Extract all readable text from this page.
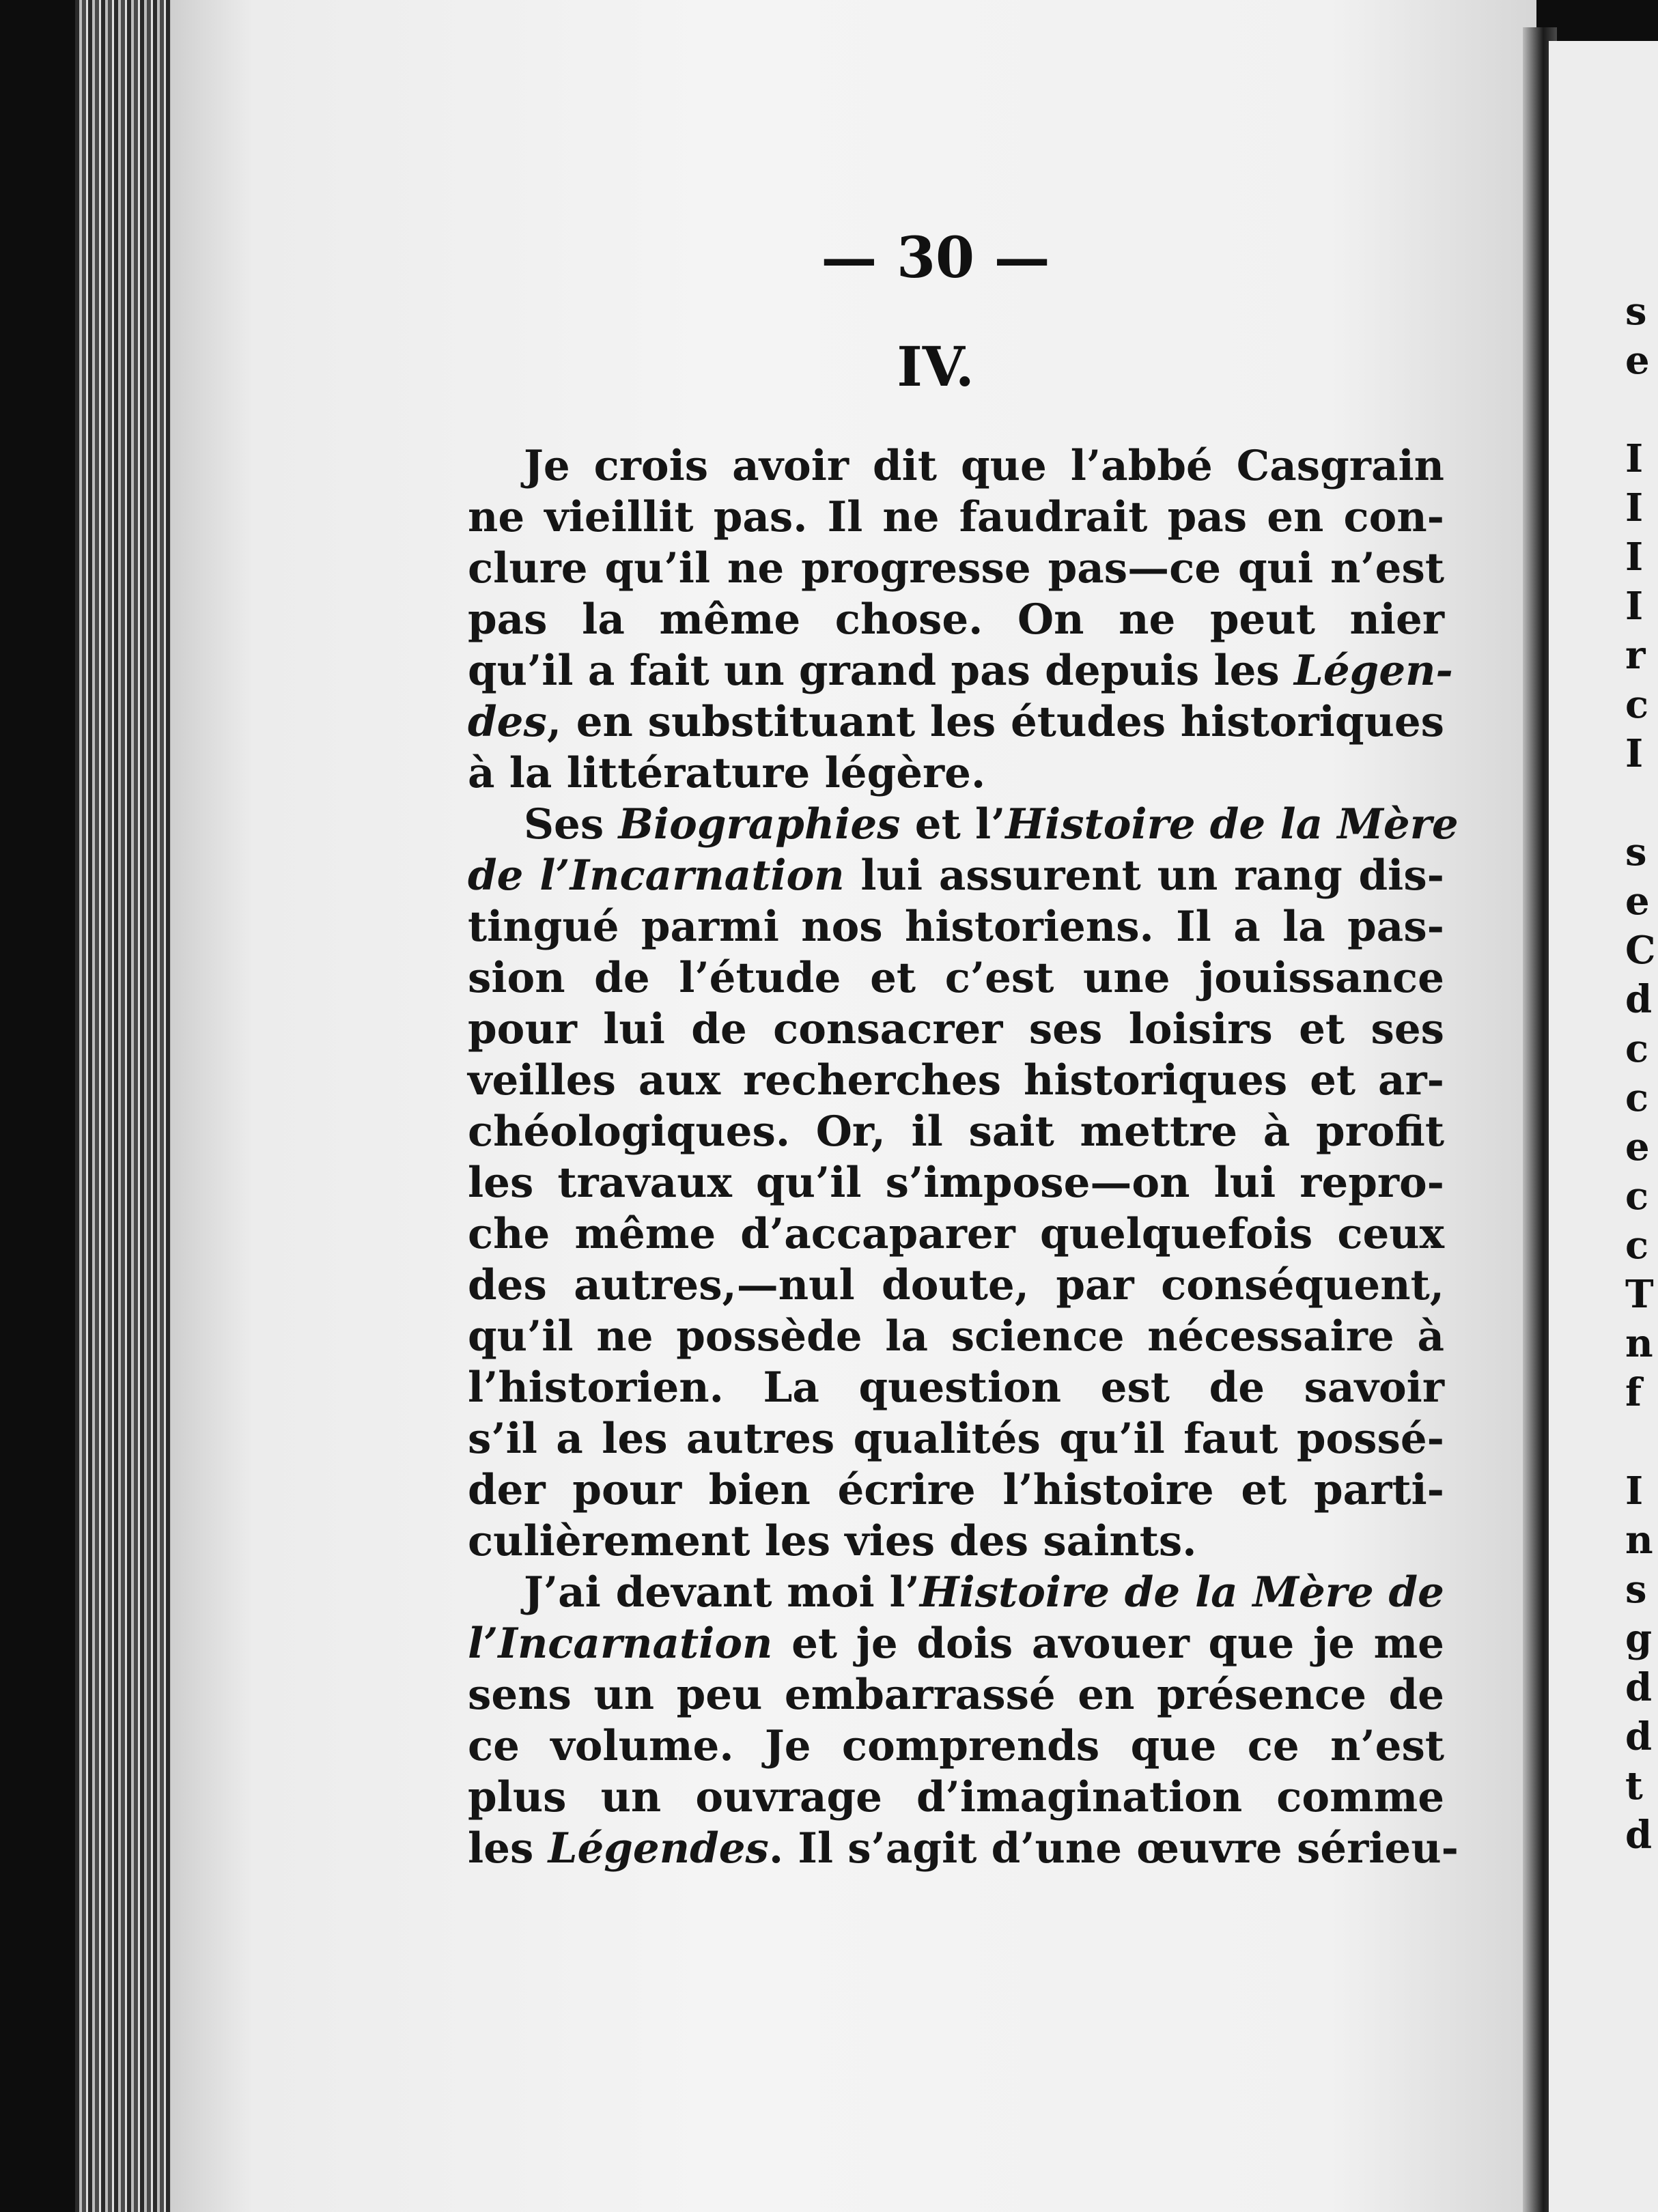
— 30 —
IV.
Je crois avoir dit que l’abbé Casgrain
ne vieillit pas. Il ne faudrait pas en con-
clure qu’il ne progresse pas—ce qui n’est
pas la même chose. On ne peut nier
qu’il a fait un grand pas depuis les Légen-
des, en substituant les études historiques
à la littérature légère.
Ses Biographies et l’Histoire de la Mère
de l’Incarnation lui assurent un rang dis-
tingué parmi nos historiens. Il a la pas-
sion de l’étude et c’est une jouissance
pour lui de consacrer ses loisirs et ses
veilles aux recherches historiques et ar-
chéologiques. Or, il sait mettre à profit
les travaux qu’il s’impose—on lui repro-
che même d’accaparer quelquefois ceux
des autres,—nul doute, par conséquent,
qu’il ne possède la science nécessaire à
l’historien. La question est de savoir
s’il a les autres qualités qu’il faut possé-
der pour bien écrire l’histoire et parti-
culièrement les vies des saints.
J’ai devant moi l’Histoire de la Mère de
l’Incarnation et je dois avouer que je me
sens un peu embarrassé en présence de
ce volume. Je comprends que ce n’est
plus un ouvrage d’imagination comme
les Légendes. Il s’agit d’une œuvre sérieu-
s
e
I
I
I
I
r
c
I
s
e
C
d
c
c
e
c
c
T
n
f
I
n
s
g
d
d
t
d
